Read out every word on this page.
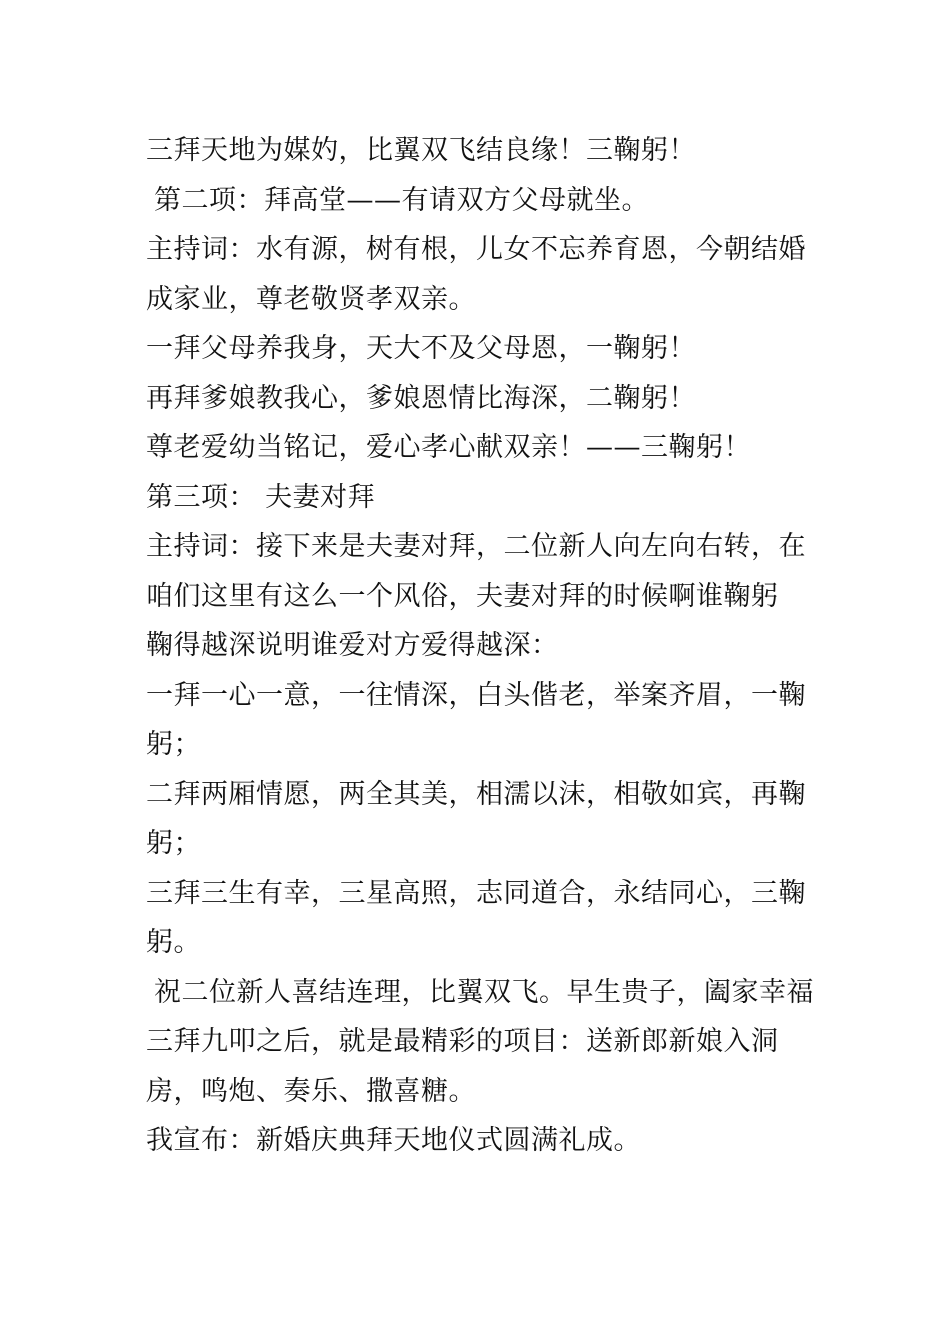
三拜天地为媒妁，比翼双飞结良缘！三鞠躬！
第二项：拜高堂——有请双方父母就坐。
主持词：水有源，树有根，儿女不忘养育恩，今朝结婚
成家业，尊老敬贤孝双亲。
一拜父母养我身，天大不及父母恩，一鞠躬！
再拜爹娘教我心，爹娘恩情比海深，二鞠躬！
尊老爱幼当铭记，爱心孝心献双亲！——三鞠躬！
第三项： 夫妻对拜
主持词：接下来是夫妻对拜，二位新人向左向右转，在
咱们这里有这么一个风俗，夫妻对拜的时候啊谁鞠躬
鞠得越深说明谁爱对方爱得越深：
一拜一心一意，一往情深，白头偕老，举案齐眉，一鞠
躬；
二拜两厢情愿，两全其美，相濡以沫，相敬如宾，再鞠
躬；
三拜三生有幸，三星高照，志同道合，永结同心，三鞠
躬。
祝二位新人喜结连理，比翼双飞。早生贵子，阖家幸福
三拜九叩之后，就是最精彩的项目：送新郎新娘入洞
房，鸣炮、奏乐、撒喜糖。
我宣布：新婚庆典拜天地仪式圆满礼成。
